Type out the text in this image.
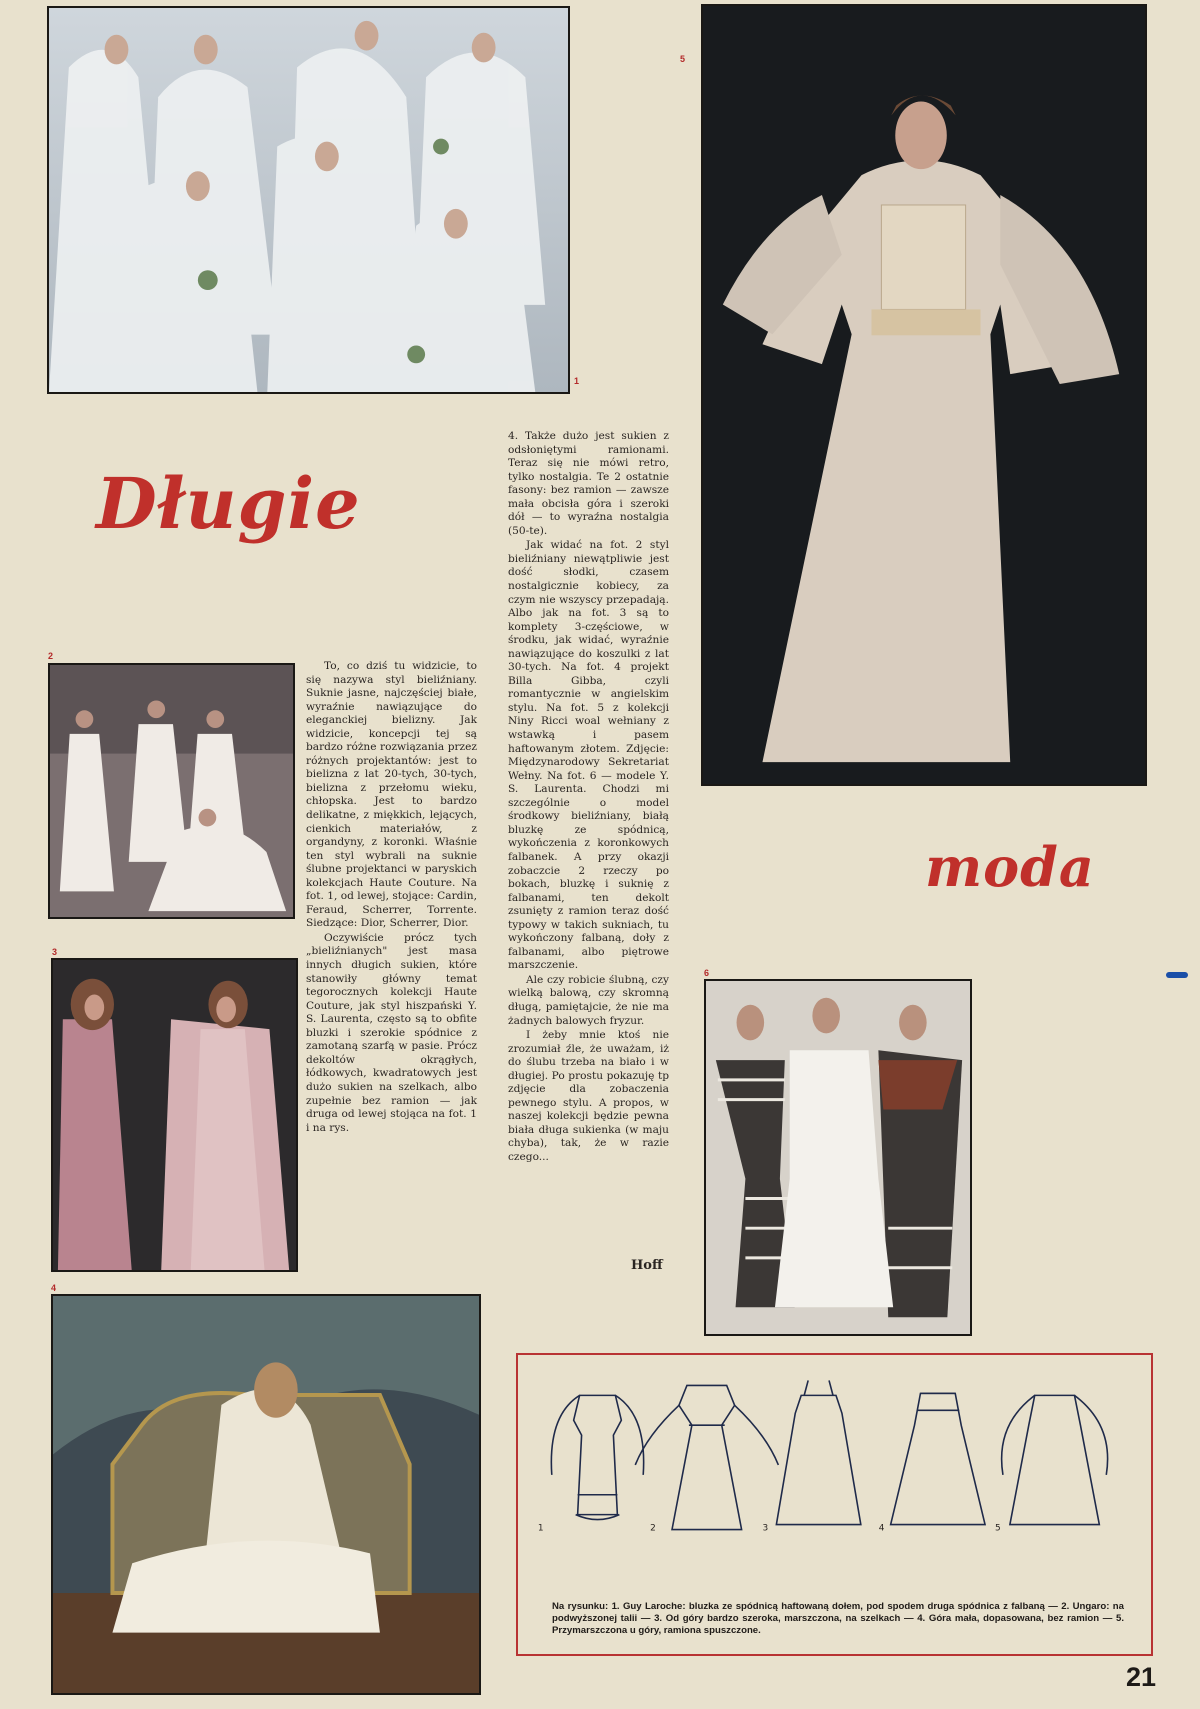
1
5
Długie
2
3
4

To, co dziś tu widzicie, to się nazywa styl bieliźniany. Suknie jasne, najczęściej białe, wyraźnie nawiązujące do eleganckiej bielizny. Jak widzicie, koncepcji tej są bardzo różne rozwiązania przez różnych projektantów: jest to bielizna z lat 20-tych, 30-tych, bielizna z przełomu wieku, chłopska. Jest to bardzo delikatne, z miękkich, lejących, cienkich materiałów, z organdyny, z koronki. Właśnie ten styl wybrali na suknie ślubne projektanci w paryskich kolekcjach Haute Couture. Na fot. 1, od lewej, stojące: Cardin, Feraud, Scherrer, Torrente. Siedzące: Dior, Scherrer, Dior.

Oczywiście prócz tych „bieliźnianych" jest masa innych długich sukien, które stanowiły główny temat tegorocznych kolekcji Haute Couture, jak styl hiszpański Y. S. Laurenta, często są to obfite bluzki i szerokie spódnice z zamotaną szarfą w pasie. Prócz dekoltów okrągłych, łódkowych, kwadratowych jest dużo sukien na szelkach, albo zupełnie bez ramion — jak druga od lewej stojąca na fot. 1 i na rys.

4. Także dużo jest sukien z odsłoniętymi ramionami. Teraz się nie mówi retro, tylko nostalgia. Te 2 ostatnie fasony: bez ramion — zawsze mała obcisła góra i szeroki dół — to wyraźna nostalgia (50-te).

Jak widać na fot. 2 styl bieliźniany niewątpliwie jest dość słodki, czasem nostalgicznie kobiecy, za czym nie wszyscy przepadają. Albo jak na fot. 3 są to komplety 3-częściowe, w środku, jak widać, wyraźnie nawiązujące do koszulki z lat 30-tych. Na fot. 4 projekt Billa Gibba, czyli romantycznie w angielskim stylu. Na fot. 5 z kolekcji Niny Ricci woal wełniany z wstawką i pasem haftowanym złotem. Zdjęcie: Międzynarodowy Sekretariat Wełny. Na fot. 6 — modele Y. S. Laurenta. Chodzi mi szczególnie o model środkowy bieliźniany, białą bluzkę ze spódnicą, wykończenia z koronkowych falbanek. A przy okazji zobaczcie 2 rzeczy po bokach, bluzkę i suknię z falbanami, ten dekolt zsunięty z ramion teraz dość typowy w takich sukniach, tu wykończony falbaną, doły z falbanami, albo piętrowe marszczenie.

Ale czy robicie ślubną, czy wielką balową, czy skromną długą, pamiętajcie, że nie ma żadnych balowych fryzur.

I żeby mnie ktoś nie zrozumiał źle, że uważam, iż do ślubu trzeba na biało i w długiej. Po prostu pokazuję tp zdjęcie dla zobaczenia pewnego stylu. A propos, w naszej kolekcji będzie pewna biała długa sukienka (w maju chyba), tak, że w razie czego...

Hoff
moda
6
1	2	3	4	5
Na rysunku: 1. Guy Laroche: bluzka ze spódnicą haftowaną dołem, pod spodem druga spódnica z falbaną — 2. Ungaro: na podwyższonej talii — 3. Od góry bardzo szeroka, marszczona, na szelkach — 4. Góra mała, dopasowana, bez ramion — 5. Przymarszczona u góry, ramiona spuszczone.
21
